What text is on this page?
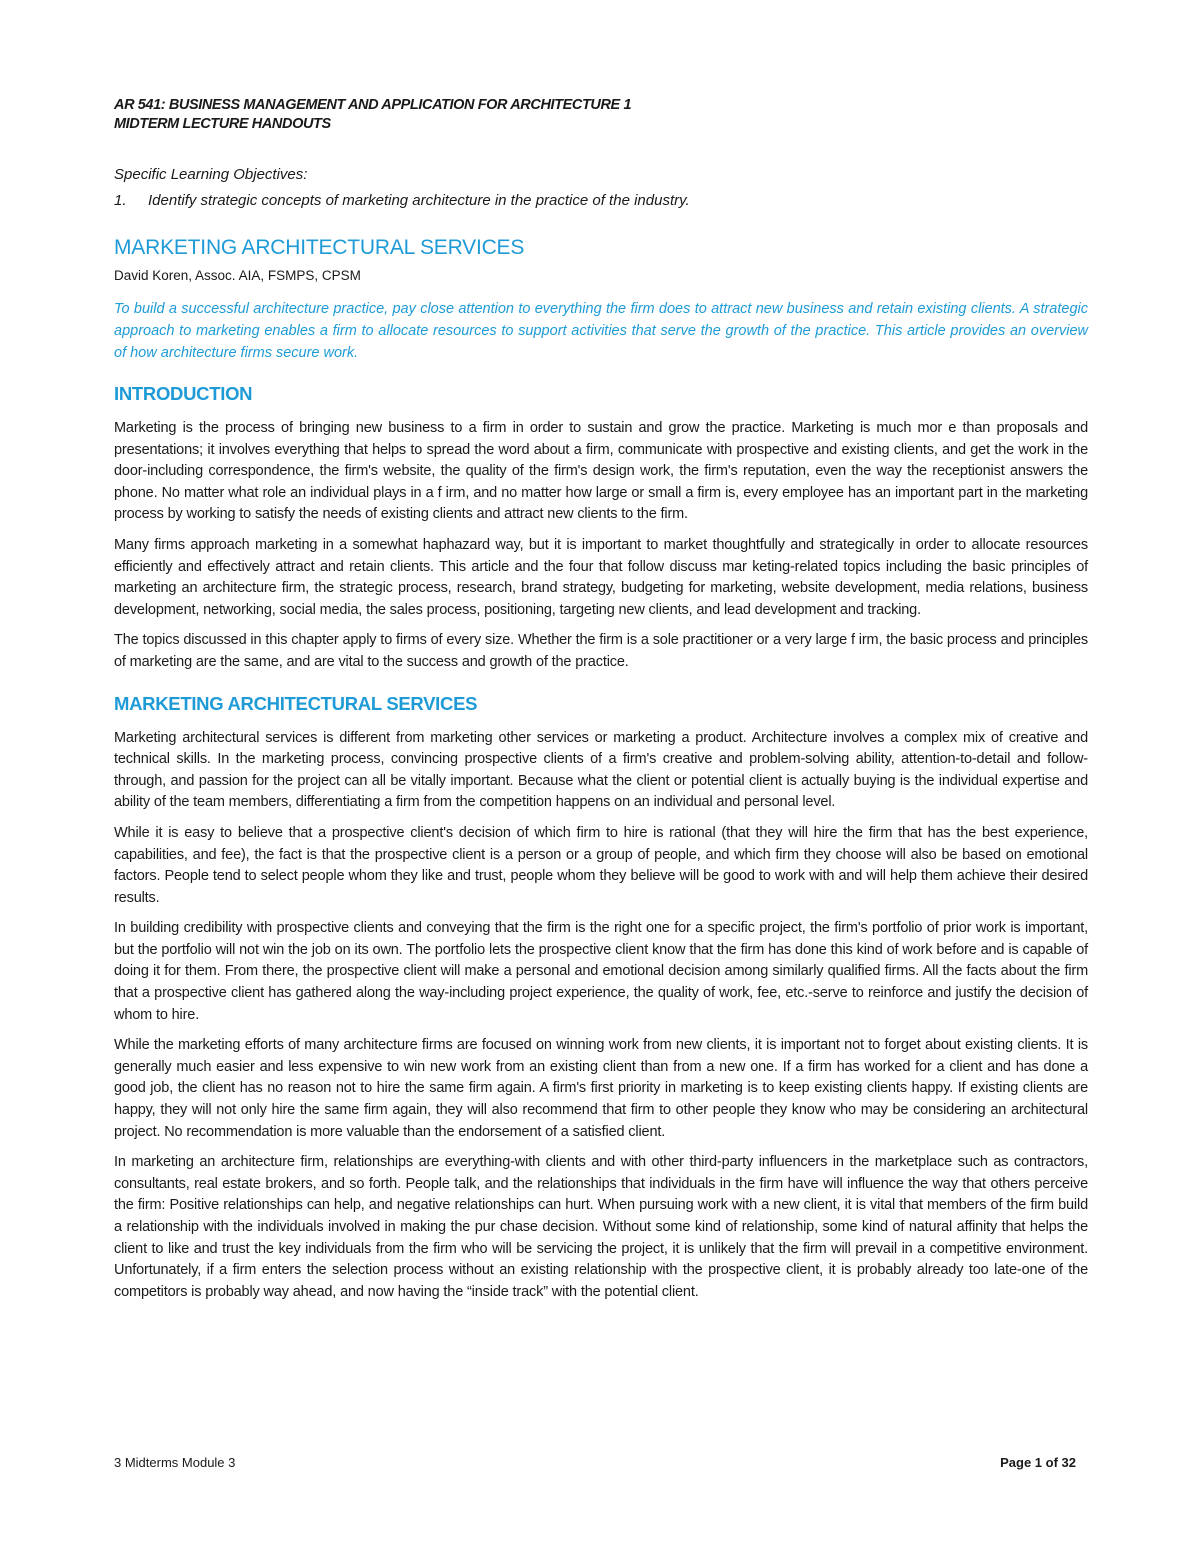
AR 541: BUSINESS MANAGEMENT AND APPLICATION FOR ARCHITECTURE 1

MIDTERM LECTURE HANDOUTS

Specific Learning Objectives:

1.	Identify strategic concepts of marketing architecture in the practice of the industry.
MARKETING ARCHITECTURAL SERVICES

David Koren, Assoc. AIA, FSMPS, CPSM

To build a successful architecture practice, pay close attention to everything the firm does to attract new business and retain existing clients. A strategic approach to marketing enables a firm to allocate resources to support activities that serve the growth of the practice. This article provides an overview of how architecture firms secure work.

INTRODUCTION

Marketing is the process of bringing new business to a firm in order to sustain and grow the practice. Marketing is much mor e than proposals and presentations; it involves everything that helps to spread the word about a firm, communicate with prospective and existing clients, and get the work in the door-including correspondence, the firm's website, the quality of the firm's design work, the firm's reputation, even the way the receptionist answers the phone. No matter what role an individual plays in a f irm, and no matter how large or small a firm is, every employee has an important part in the marketing process by working to satisfy the needs of existing clients and attract new clients to the firm.

Many firms approach marketing in a somewhat haphazard way, but it is important to market thoughtfully and strategically in order to allocate resources efficiently and effectively attract and retain clients. This article and the four that follow discuss mar keting-related topics including the basic principles of marketing an architecture firm, the strategic process, research, brand strategy, budgeting for marketing, website development, media relations, business development, networking, social media, the sales process, positioning, targeting new clients, and lead development and tracking.

The topics discussed in this chapter apply to firms of every size. Whether the firm is a sole practitioner or a very large f irm, the basic process and principles of marketing are the same, and are vital to the success and growth of the practice.

MARKETING ARCHITECTURAL SERVICES

Marketing architectural services is different from marketing other services or marketing a product. Architecture involves a complex mix of creative and technical skills. In the marketing process, convincing prospective clients of a firm's creative and problem-solving ability, attention-to-detail and follow-through, and passion for the project can all be vitally important. Because what the client or potential client is actually buying is the individual expertise and ability of the team members, differentiating a firm from the competition happens on an individual and personal level.

While it is easy to believe that a prospective client's decision of which firm to hire is rational (that they will hire the firm that has the best experience, capabilities, and fee), the fact is that the prospective client is a person or a group of people, and which firm they choose will also be based on emotional factors. People tend to select people whom they like and trust, people whom they believe will be good to work with and will help them achieve their desired results.

In building credibility with prospective clients and conveying that the firm is the right one for a specific project, the firm's portfolio of prior work is important, but the portfolio will not win the job on its own. The portfolio lets the prospective client know that the firm has done this kind of work before and is capable of doing it for them. From there, the prospective client will make a personal and emotional decision among similarly qualified firms. All the facts about the firm that a prospective client has gathered along the way-including project experience, the quality of work, fee, etc.-serve to reinforce and justify the decision of whom to hire.

While the marketing efforts of many architecture firms are focused on winning work from new clients, it is important not to forget about existing clients. It is generally much easier and less expensive to win new work from an existing client than from a new one. If a firm has worked for a client and has done a good job, the client has no reason not to hire the same firm again. A firm's first priority in marketing is to keep existing clients happy. If existing clients are happy, they will not only hire the same firm again, they will also recommend that firm to other people they know who may be considering an architectural project. No recommendation is more valuable than the endorsement of a satisfied client.

In marketing an architecture firm, relationships are everything-with clients and with other third-party influencers in the marketplace such as contractors, consultants, real estate brokers, and so forth. People talk, and the relationships that individuals in the firm have will influence the way that others perceive the firm: Positive relationships can help, and negative relationships can hurt. When pursuing work with a new client, it is vital that members of the firm build a relationship with the individuals involved in making the pur chase decision. Without some kind of relationship, some kind of natural affinity that helps the client to like and trust the key individuals from the firm who will be servicing the project, it is unlikely that the firm will prevail in a competitive environment. Unfortunately, if a firm enters the selection process without an existing relationship with the prospective client, it is probably already too late-one of the competitors is probably way ahead, and now having the “inside track” with the potential client.

3 Midterms Module 3	Page 1 of 32
